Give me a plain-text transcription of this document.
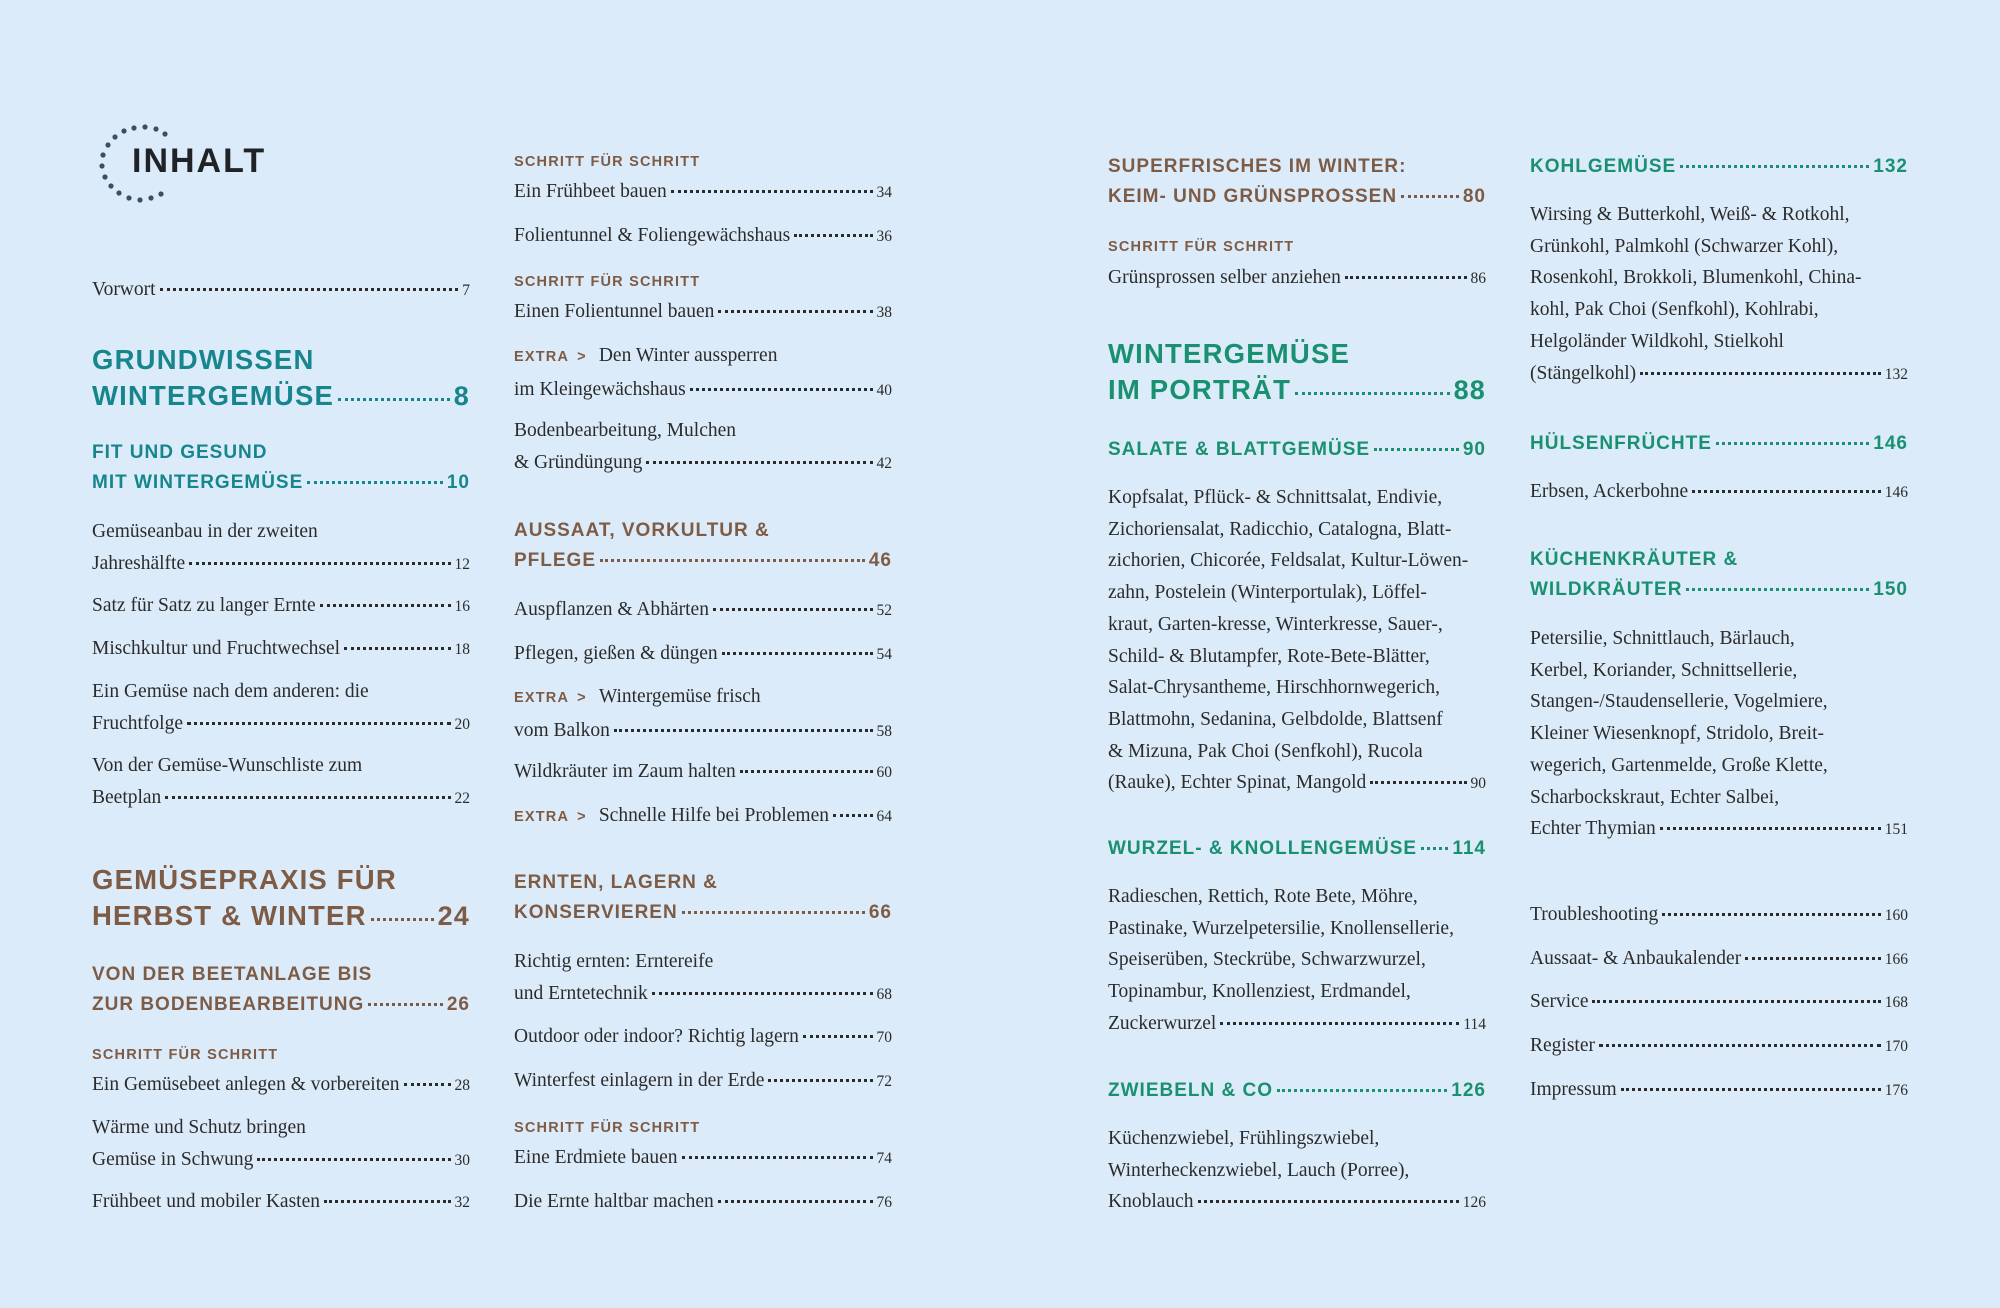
INHALT
Vorwort	7
GRUNDWISSEN
WINTERGEMÜSE	8
FIT UND GESUND
MIT WINTERGEMÜSE	10
Gemüseanbau in der zweiten
Jahreshälfte	12
Satz für Satz zu langer Ernte	16
Mischkultur und Fruchtwechsel	18
Ein Gemüse nach dem anderen: die
Fruchtfolge	20
Von der Gemüse-Wunschliste zum
Beetplan	22
GEMÜSEPRAXIS FÜR
HERBST & WINTER	24
VON DER BEETANLAGE BIS
ZUR BODENBEARBEITUNG	26
SCHRITT FÜR SCHRITT
Ein Gemüsebeet anlegen & vorbereiten	28
Wärme und Schutz bringen
Gemüse in Schwung	30
Frühbeet und mobiler Kasten	32
SCHRITT FÜR SCHRITT
Ein Frühbeet bauen	34
Folientunnel & Foliengewächshaus	36
SCHRITT FÜR SCHRITT
Einen Folientunnel bauen	38
EXTRA > Den Winter aussperren
im Kleingewächshaus	40
Bodenbearbeitung, Mulchen
& Gründüngung	42
AUSSAAT, VORKULTUR &
PFLEGE	46
Auspflanzen & Abhärten	52
Pflegen, gießen & düngen	54
EXTRA > Wintergemüse frisch
vom Balkon	58
Wildkräuter im Zaum halten	60
EXTRA > Schnelle Hilfe bei Problemen	64
ERNTEN, LAGERN &
KONSERVIEREN	66
Richtig ernten: Erntereife
und Erntetechnik	68
Outdoor oder indoor? Richtig lagern	70
Winterfest einlagern in der Erde	72
SCHRITT FÜR SCHRITT
Eine Erdmiete bauen	74
Die Ernte haltbar machen	76
SUPERFRISCHES IM WINTER:
KEIM- UND GRÜNSPROSSEN	80
SCHRITT FÜR SCHRITT
Grünsprossen selber anziehen	86
WINTERGEMÜSE
IM PORTRÄT	88
SALATE & BLATTGEMÜSE	90
Kopfsalat, Pflück- & Schnittsalat, Endivie,
Zichoriensalat, Radicchio, Catalogna, Blatt-
zichorien, Chicorée, Feldsalat, Kultur-Löwen-
zahn, Postelein (Winterportulak), Löffel-
kraut, Garten-kresse, Winterkresse, Sauer-,
Schild- & Blutampfer, Rote-Bete-Blätter,
Salat-Chrysantheme, Hirschhornwegerich,
Blattmohn, Sedanina, Gelbdolde, Blattsenf
& Mizuna, Pak Choi (Senfkohl), Rucola
(Rauke), Echter Spinat, Mangold	90
WURZEL- & KNOLLENGEMÜSE 114
Radieschen, Rettich, Rote Bete, Möhre,
Pastinake, Wurzelpetersilie, Knollensellerie,
Speiserüben, Steckrübe, Schwarzwurzel,
Topinambur, Knollenziest, Erdmandel,
Zuckerwurzel	114
ZWIEBELN & CO	126
Küchenzwiebel, Frühlingszwiebel,
Winterheckenzwiebel, Lauch (Porree),
Knoblauch	126
KOHLGEMÜSE	132
Wirsing & Butterkohl, Weiß- & Rotkohl,
Grünkohl, Palmkohl (Schwarzer Kohl),
Rosenkohl, Brokkoli, Blumenkohl, China-
kohl, Pak Choi (Senfkohl), Kohlrabi,
Helgoländer Wildkohl, Stielkohl
(Stängelkohl)	132
HÜLSENFRÜCHTE	146
Erbsen, Ackerbohne	146
KÜCHENKRÄUTER &
WILDKRÄUTER	150
Petersilie, Schnittlauch, Bärlauch,
Kerbel, Koriander, Schnittsellerie,
Stangen-/Staudensellerie, Vogelmiere,
Kleiner Wiesenknopf, Stridolo, Breit-
wegerich, Gartenmelde, Große Klette,
Scharbockskraut, Echter Salbei,
Echter Thymian	151
Troubleshooting	160
Aussaat- & Anbaukalender	166
Service	168
Register	170
Impressum	176
